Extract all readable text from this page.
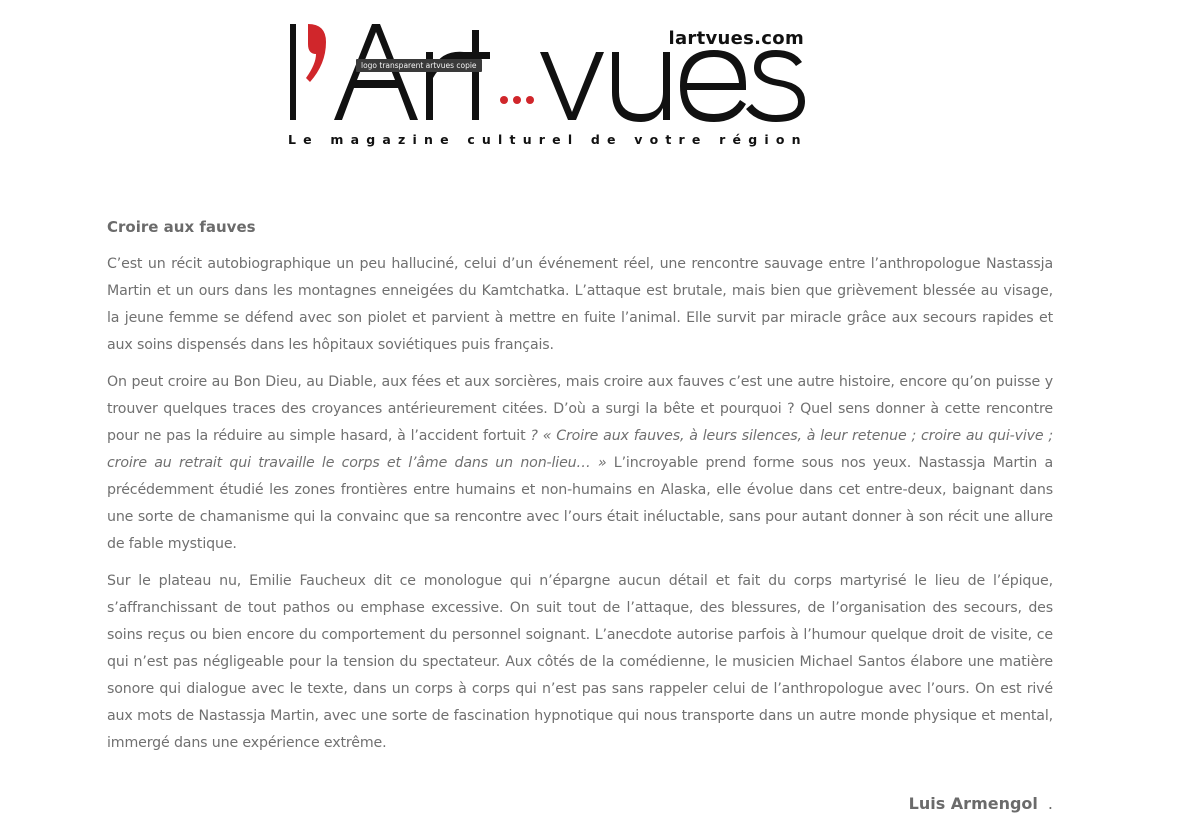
lartvues.com
Le magazine culturel de votre région
logo transparent artvues copie
Croire aux fauves

C’est un récit autobiographique un peu halluciné, celui d’un événement réel, une rencontre sauvage entre l’anthropologue Nastassja Martin et un ours dans les montagnes enneigées du Kamtchatka. L’attaque est brutale, mais bien que grièvement blessée au visage, la jeune femme se défend avec son piolet et parvient à mettre en fuite l’animal. Elle survit par miracle grâce aux secours rapides et aux soins dispensés dans les hôpitaux soviétiques puis français.

On peut croire au Bon Dieu, au Diable, aux fées et aux sorcières, mais croire aux fauves c’est une autre histoire, encore qu’on puisse y trouver quelques traces des croyances antérieurement citées. D’où a surgi la bête et pourquoi ? Quel sens donner à cette rencontre pour ne pas la réduire au simple hasard, à l’accident fortuit ? « Croire aux fauves, à leurs silences, à leur retenue ; croire au qui-vive ; croire au retrait qui travaille le corps et l’âme dans un non-lieu… » L’incroyable prend forme sous nos yeux. Nastassja Martin a précédemment étudié les zones frontières entre humains et non-humains en Alaska, elle évolue dans cet entre-deux, baignant dans une sorte de chamanisme qui la convainc que sa rencontre avec l’ours était inéluctable, sans pour autant donner à son récit une allure de fable mystique.

Sur le plateau nu, Emilie Faucheux dit ce monologue qui n’épargne aucun détail et fait du corps martyrisé le lieu de l’épique, s’affranchissant de tout pathos ou emphase excessive. On suit tout de l’attaque, des blessures, de l’organisation des secours, des soins reçus ou bien encore du comportement du personnel soignant. L’anecdote autorise parfois à l’humour quelque droit de visite, ce qui n’est pas négligeable pour la tension du spectateur. Aux côtés de la comédienne, le musicien Michael Santos élabore une matière sonore qui dialogue avec le texte, dans un corps à corps qui n’est pas sans rappeler celui de l’anthropologue avec l’ours. On est rivé aux mots de Nastassja Martin, avec une sorte de fascination hypnotique qui nous transporte dans un autre monde physique et mental, immergé dans une expérience extrême.

Luis Armengol .
